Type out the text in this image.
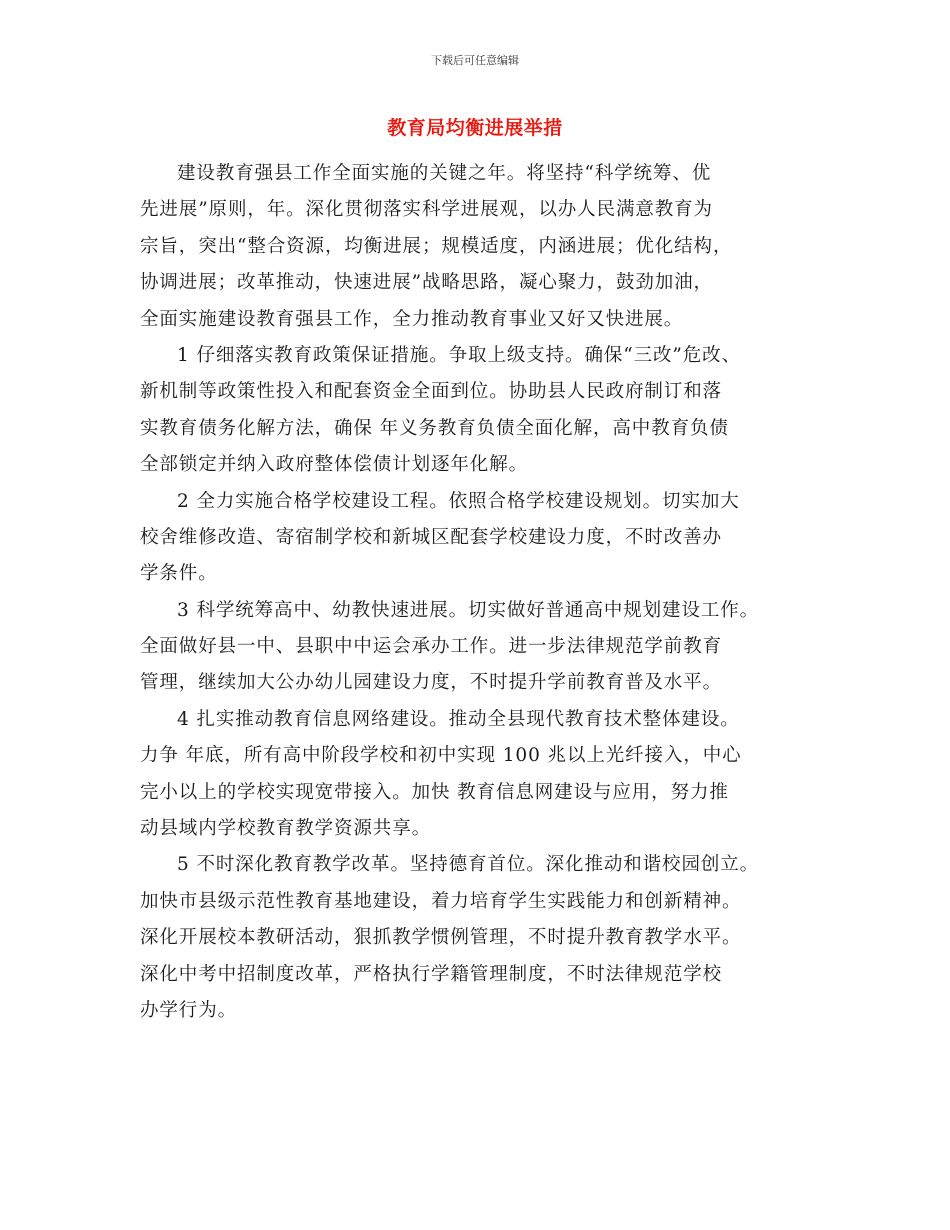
下载后可任意编辑
教育局均衡进展举措
建设教育强县工作全面实施的关键之年。将坚持“科学统筹、优
先进展”原则，年。深化贯彻落实科学进展观，以办人民满意教育为
宗旨，突出“整合资源，均衡进展；规模适度，内涵进展；优化结构，
协调进展；改革推动，快速进展”战略思路，凝心聚力，鼓劲加油，
全面实施建设教育强县工作，全力推动教育事业又好又快进展。
1 仔细落实教育政策保证措施。争取上级支持。确保“三改”危改、
新机制等政策性投入和配套资金全面到位。协助县人民政府制订和落
实教育债务化解方法，确保 年义务教育负债全面化解，高中教育负债
全部锁定并纳入政府整体偿债计划逐年化解。
2 全力实施合格学校建设工程。依照合格学校建设规划。切实加大
校舍维修改造、寄宿制学校和新城区配套学校建设力度，不时改善办
学条件。
3 科学统筹高中、幼教快速进展。切实做好普通高中规划建设工作。
全面做好县一中、县职中中运会承办工作。进一步法律规范学前教育
管理，继续加大公办幼儿园建设力度，不时提升学前教育普及水平。
4 扎实推动教育信息网络建设。推动全县现代教育技术整体建设。
力争 年底，所有高中阶段学校和初中实现 100 兆以上光纤接入，中心
完小以上的学校实现宽带接入。加快 教育信息网建设与应用，努力推
动县域内学校教育教学资源共享。
5 不时深化教育教学改革。坚持德育首位。深化推动和谐校园创立。
加快市县级示范性教育基地建设，着力培育学生实践能力和创新精神。
深化开展校本教研活动，狠抓教学惯例管理，不时提升教育教学水平。
深化中考中招制度改革，严格执行学籍管理制度，不时法律规范学校
办学行为。
